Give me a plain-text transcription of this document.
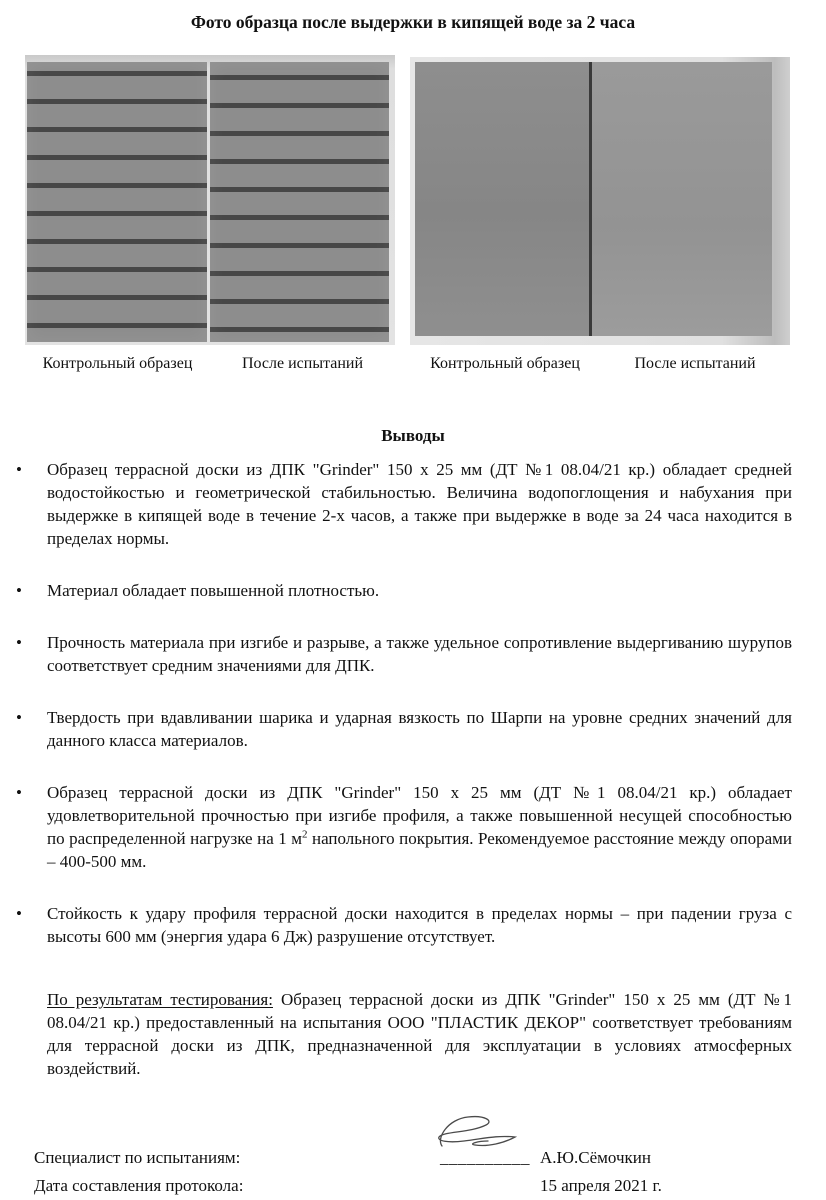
Фото образца после выдержки в кипящей воде за 2 часа
Контрольный образец	После испытаний	Контрольный образец	После испытаний
Выводы
• Образец террасной доски из ДПК "Grinder" 150 х 25 мм (ДТ №1 08.04/21 кр.) обладает средней водостойкостью и геометрической стабильностью. Величина водопоглощения и набухания при выдержке в кипящей воде в течение 2-х часов, а также при выдержке в воде за 24 часа находится в пределах нормы.
• Материал обладает повышенной плотностью.
• Прочность материала при изгибе и разрыве, а также удельное сопротивление выдергиванию шурупов соответствует средним значениями для ДПК.
• Твердость при вдавливании шарика и ударная вязкость по Шарпи на уровне средних значений для данного класса материалов.
• Образец террасной доски из ДПК "Grinder" 150 х 25 мм (ДТ №1 08.04/21 кр.) обладает удовлетворительной прочностью при изгибе профиля, а также повышенной несущей способностью по распределенной нагрузке на 1 $м^2$ напольного покрытия. Рекомендуемое расстояние между опорами – 400-500 мм.
• Стойкость к удару профиля террасной доски находится в пределах нормы – при падении груза с высоты 600 мм (энергия удара 6 Дж) разрушение отсутствует.
По результатам тестирования: Образец террасной доски из ДПК "Grinder" 150 х 25 мм (ДТ №1 08.04/21 кр.) предоставленный на испытания ООО "ПЛАСТИК ДЕКОР" соответствует требованиям для террасной доски из ДПК, предназначенной для эксплуатации в условиях атмосферных воздействий.
Специалист по испытаниям:	__________ А.Ю.Сёмочкин
Дата составления протокола:	15 апреля 2021 г.
